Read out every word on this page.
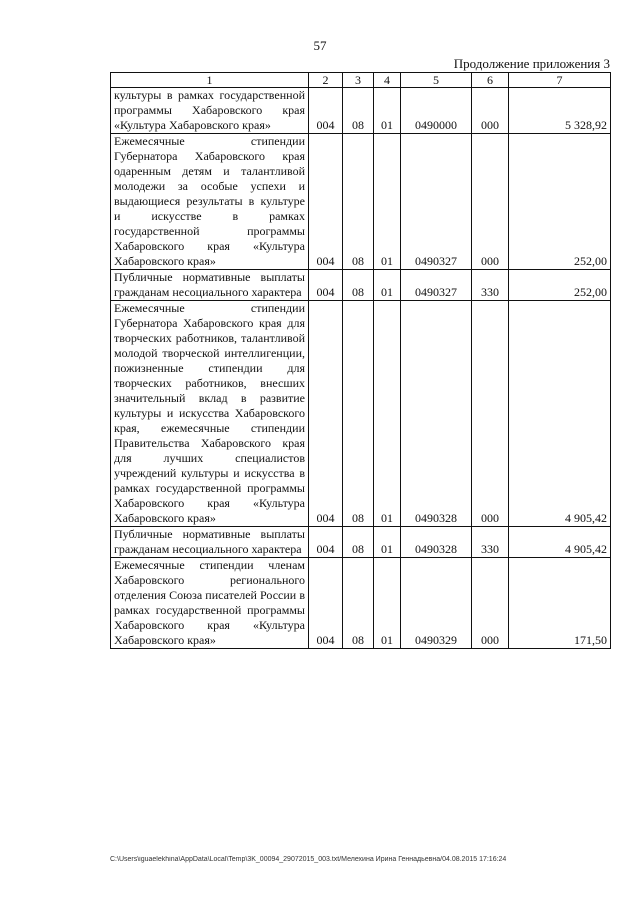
57
Продолжение приложения 3
1	2	3	4	5	6	7
культуры в рамках государственной программы Хабаровского края «Культура Хабаровского края»	004	08	01	0490000	000	5 328,92
Ежемесячные стипендии Губернатора Хабаровского края одаренным детям и талантливой молодежи за особые успехи и выдающиеся результаты в культуре и искусстве в рамках государственной программы Хабаровского края «Культура Хабаровского края»	004	08	01	0490327	000	252,00
Публичные нормативные выплаты гражданам несоциального характера	004	08	01	0490327	330	252,00
Ежемесячные стипендии Губернатора Хабаровского края для творческих работников, талантливой молодой творческой интеллигенции, пожизненные стипендии для творческих работников, внесших значительный вклад в развитие культуры и искусства Хабаровского края, ежемесячные стипендии Правительства Хабаровского края для лучших специалистов учреждений культуры и искусства в рамках государственной программы Хабаровского края «Культура Хабаровского края»	004	08	01	0490328	000	4 905,42
Публичные нормативные выплаты гражданам несоциального характера	004	08	01	0490328	330	4 905,42
Ежемесячные стипендии членам Хабаровского регионального отделения Союза писателей России в рамках государственной программы Хабаровского края «Культура Хабаровского края»	004	08	01	0490329	000	171,50
C:\Users\iguaelekhina\AppData\Local\Temp\3K_00094_29072015_003.txt/Мелехина Ирина Геннадьевна/04.08.2015 17:16:24
